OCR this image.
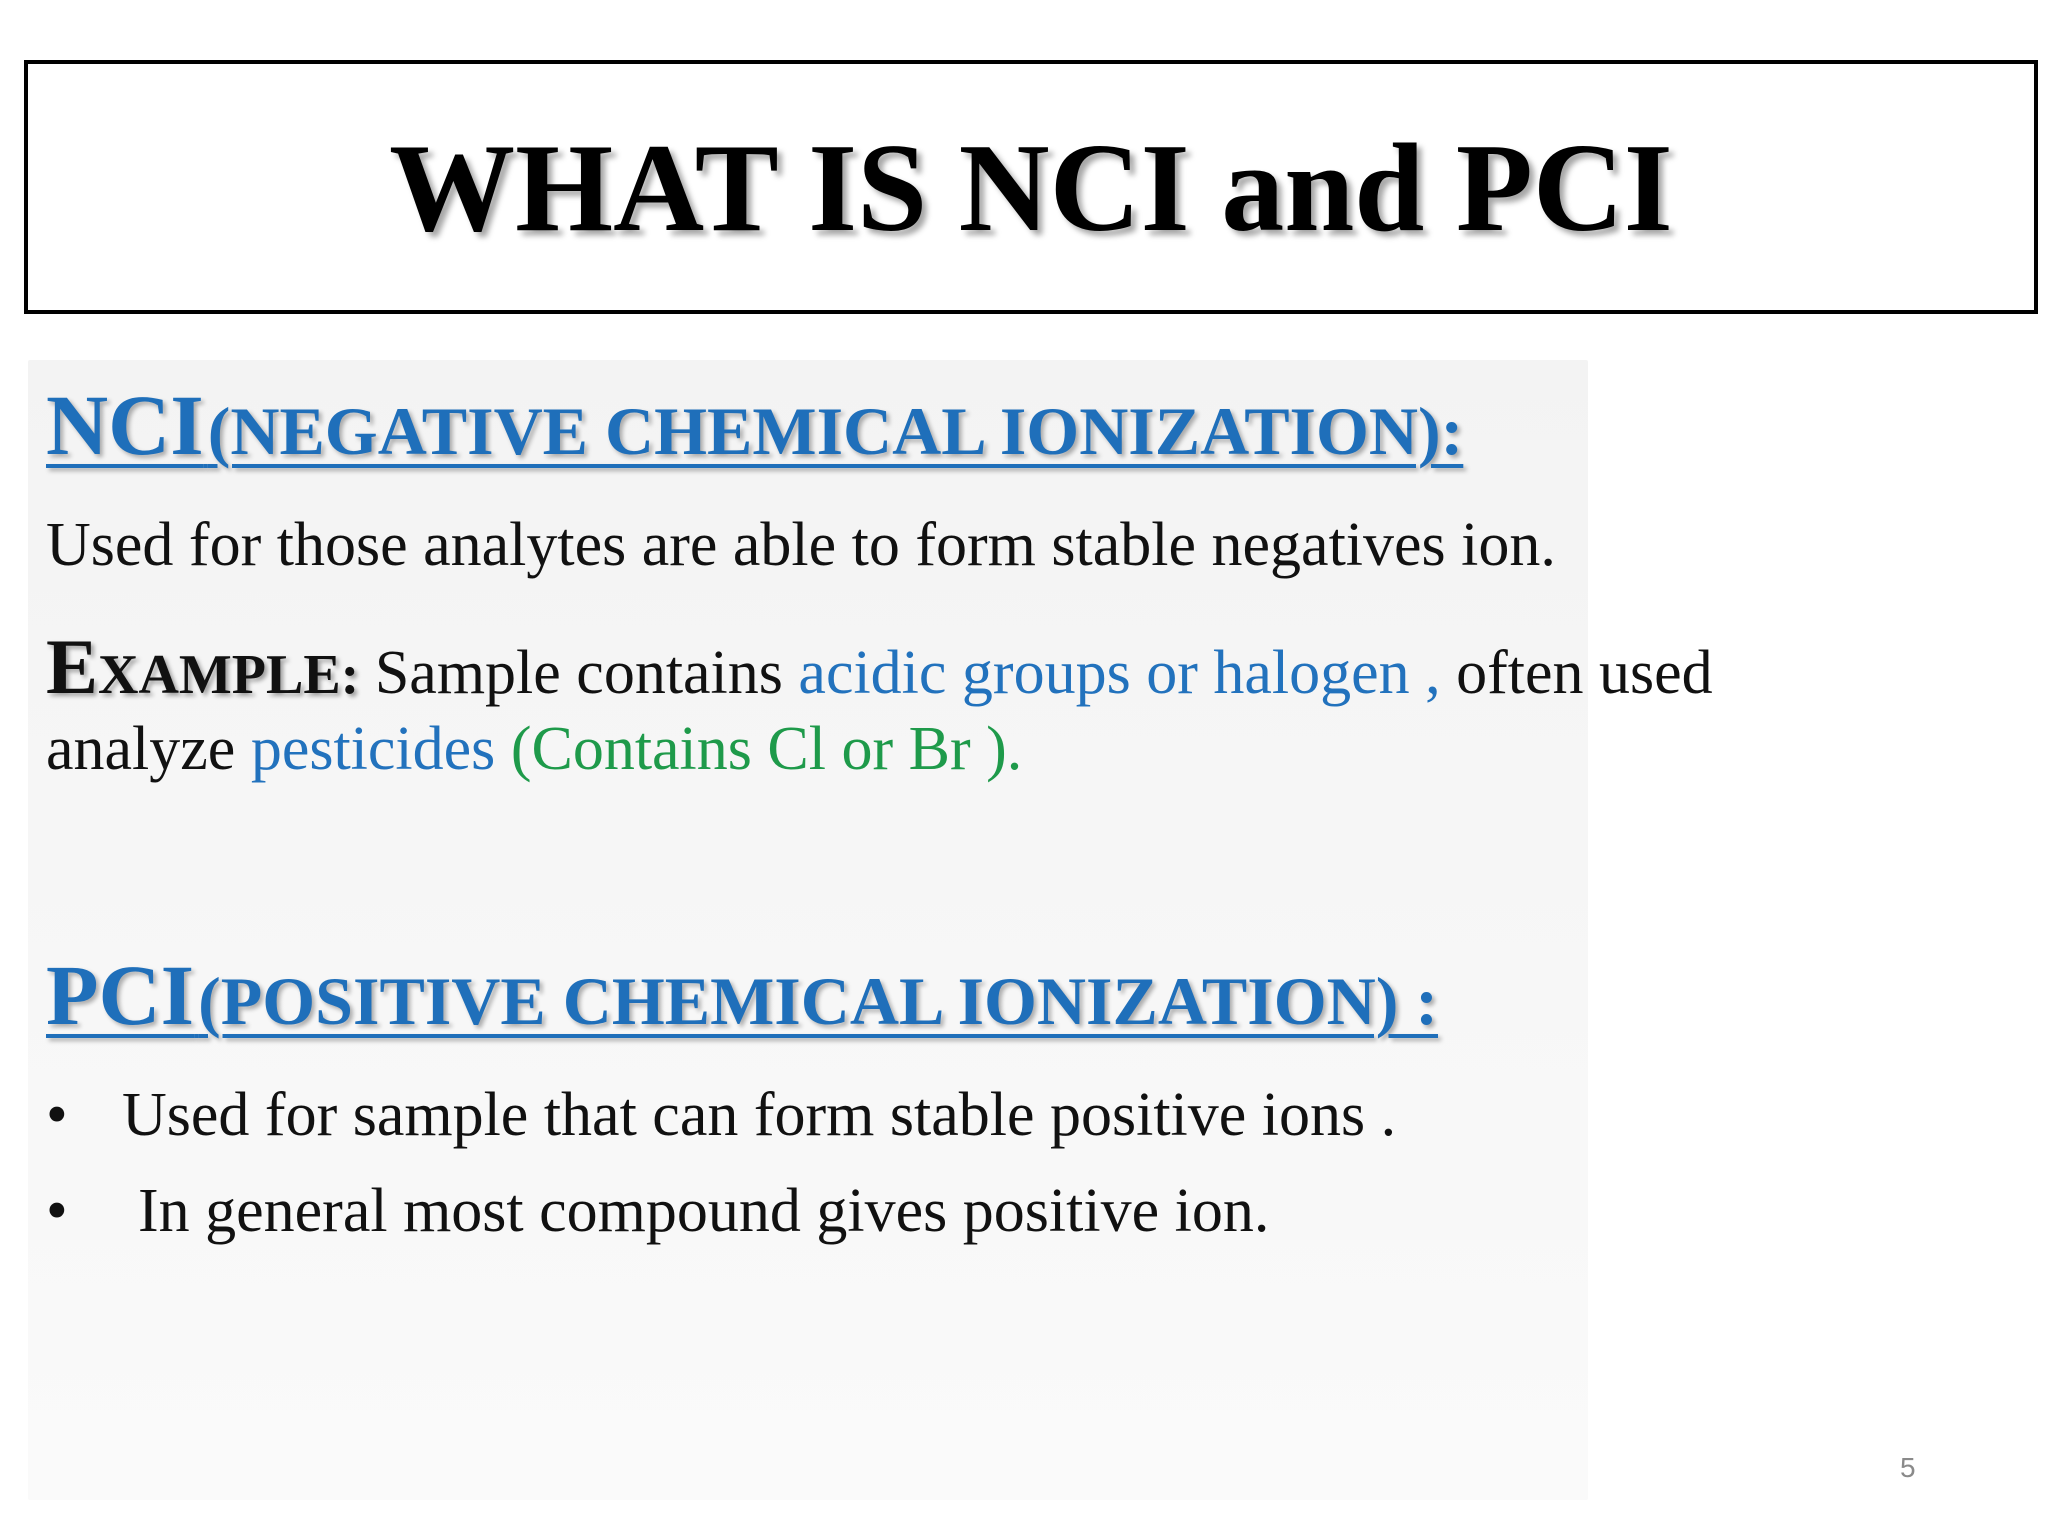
WHAT IS NCI and PCI
NCI (NEGATIVE CHEMICAL IONIZATION):
Used for those analytes are able to form stable negatives ion.
EXAMPLE: Sample contains acidic groups or halogen , often used
analyze pesticides (Contains Cl or Br ).
PCI (POSITIVE CHEMICAL IONIZATION) :
• Used for sample that can form stable positive ions .
•	In general most compound gives positive ion.
5
